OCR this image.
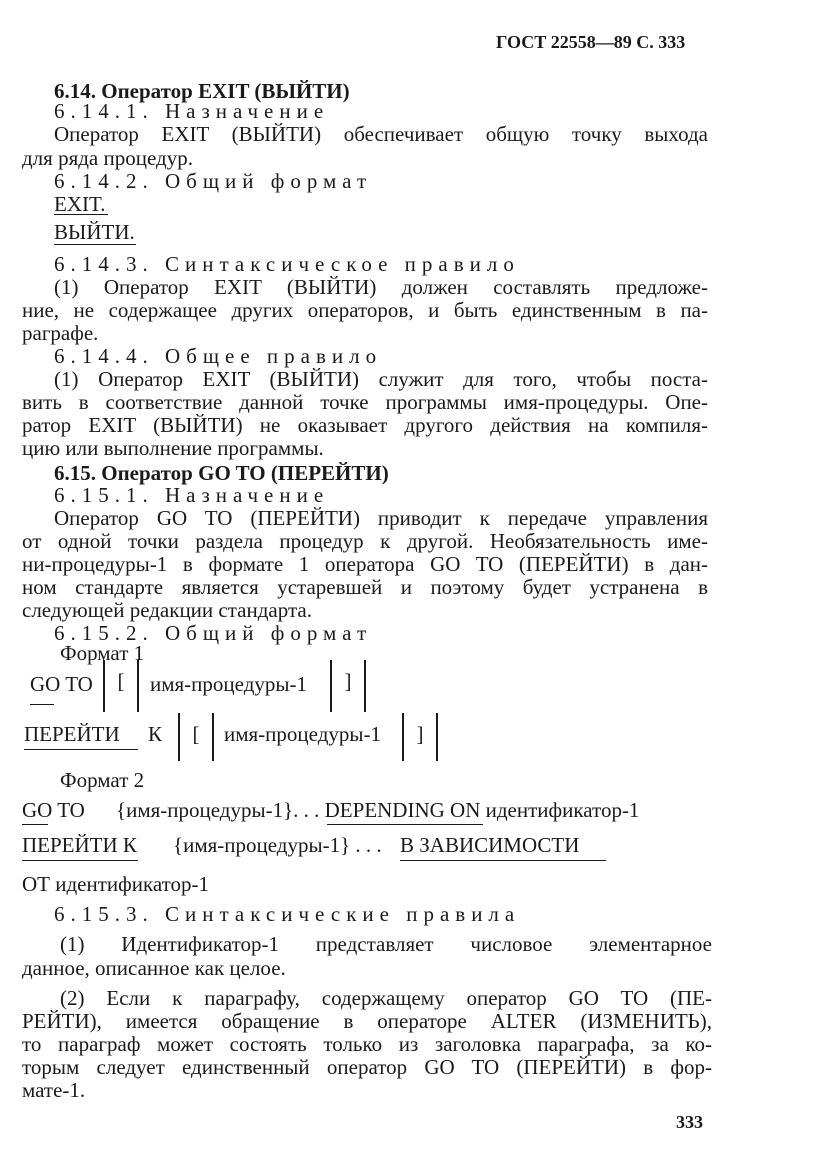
ГОСТ 22558—89 С. 333
6.14. Оператор EXIT (ВЫЙТИ)
6.14.1. Назначение
Оператор EXIT (ВЫЙТИ) обеспечивает общую точку выхода
для ряда процедур.
6.14.2. Общий формат
EXIT.
ВЫЙТИ.
6.14.3. Синтаксическое правило
(1) Оператор EXIT (ВЫЙТИ) должен составлять предложе-
ние, не содержащее других операторов, и быть единственным в па-
раграфе.
6.14.4. Общее правило
(1) Оператор EXIT (ВЫЙТИ) служит для того, чтобы поста-
вить в соответствие данной точке программы имя-процедуры. Опе-
ратор EXIT (ВЫЙТИ) не оказывает другого действия на компиля-
цию или выполнение программы.
6.15. Оператор GO TO (ПЕРЕЙТИ)
6.15.1. Назначение
Оператор GO TO (ПЕРЕЙТИ) приводит к передаче управления
от одной точки раздела процедур к другой. Необязательность име-
ни-процедуры-1 в формате 1 оператора GO TO (ПЕРЕЙТИ) в дан-
ном стандарте является устаревшей и поэтому будет устранена в
следующей редакции стандарта.
6.15.2. Общий формат
Формат 1
GO TO	[	имя-процедуры-1	]
ПЕРЕЙТИ К	[	имя-процедуры-1	]
Формат 2
GO TO {имя-процедуры-1}. . . DEPENDING ON идентификатор-1
ПЕРЕЙТИ К {имя-процедуры-1} . . . В ЗАВИСИМОСТИ
ОТ идентификатор-1
6.15.3. Синтаксические правила
(1) Идентификатор-1 представляет числовое элементарное
данное, описанное как целое.
(2) Если к параграфу, содержащему оператор GO TO (ПЕ-
РЕЙТИ), имеется обращение в операторе ALTER (ИЗМЕНИТЬ),
то параграф может состоять только из заголовка параграфа, за ко-
торым следует единственный оператор GO TO (ПЕРЕЙТИ) в фор-
мате-1.
333
